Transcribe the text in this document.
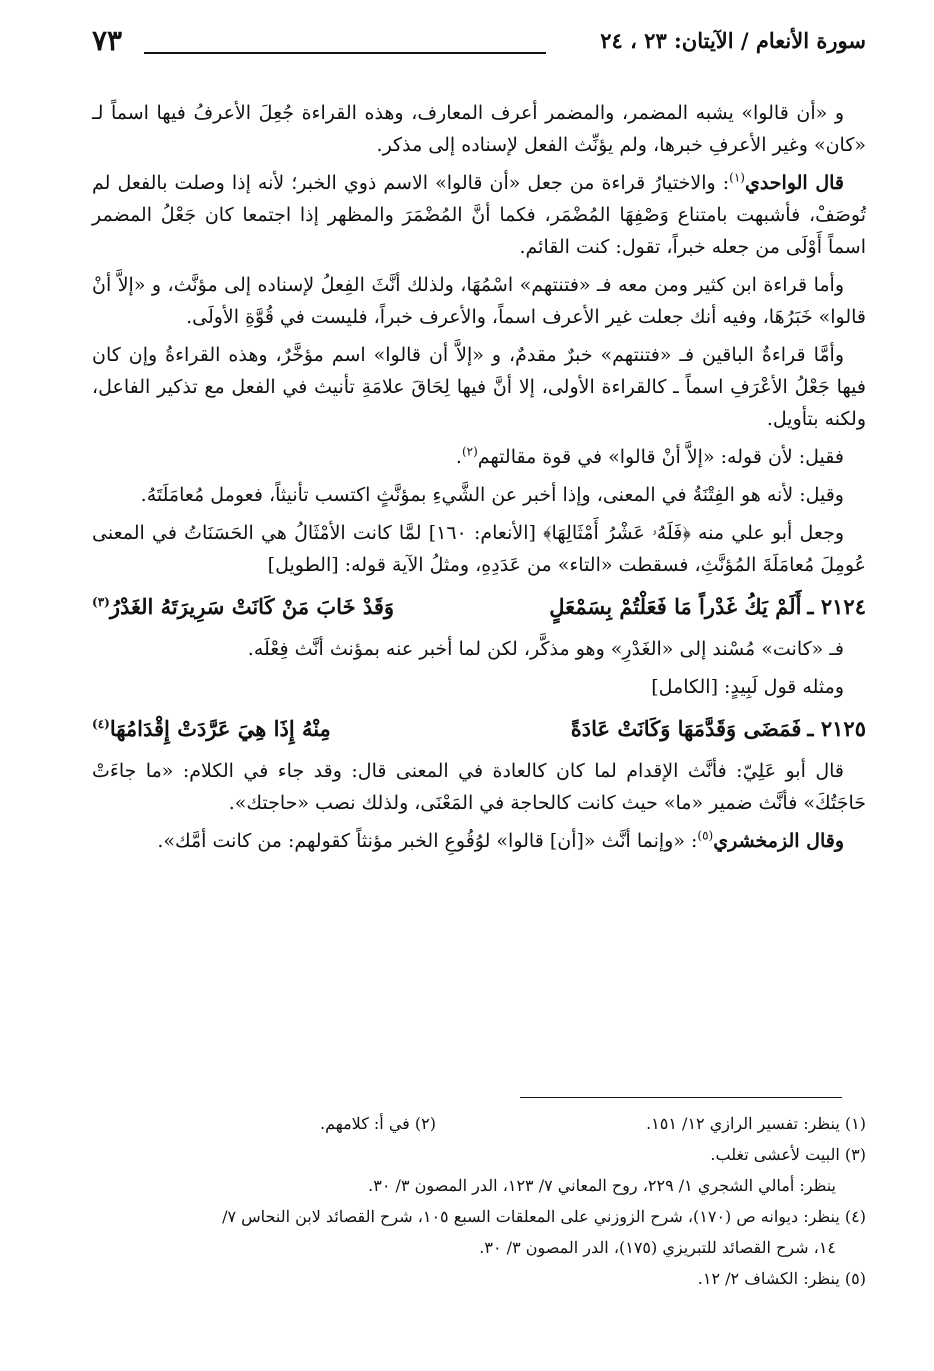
سورة الأنعام / الآيتان: ٢٣ ، ٢٤
٧٣

و «أن قالوا» يشبه المضمر، والمضمر أعرف المعارف، وهذه القراءة جُعِلَ الأعرفُ فيها اسماً لـ «كان» وغير الأعرفِ خبرها، ولم يؤنِّث الفعل لإسناده إلى مذكر.

قال الواحدي$^{(١)}$: والاختيارُ قراءة من جعل «أن قالوا» الاسم ذوي الخبر؛ لأنه إذا وصلت بالفعل لم تُوصَفْ، فأشبهت بامتناع وَصْفِهَا المُضْمَر، فكما أنَّ المُضْمَرَ والمظهر إذا اجتمعا كان جَعْلُ المضمر اسماً أَوْلَى من جعله خبراً، تقول: كنت القائم.

وأما قراءة ابن كثير ومن معه فـ «فتنتهم» اسْمُهَا، ولذلك أنَّثَ الفِعلُ لإسناده إلى مؤنَّث، و «إلاَّ أنْ قالوا» خَبَرُهَا، وفيه أنك جعلت غير الأعرف اسماً، والأعرف خبراً، فليست في قُوَّةِ الأولَى.

وأمَّا قراءةُ الباقين فـ «فتنتهم» خبرٌ مقدمٌ، و «إلاَّ أن قالوا» اسم مؤخَّرٌ، وهذه القراءةُ وإن كان فيها جَعْلُ الأعْرَفِ اسماً ـ كالقراءة الأولى، إلا أنَّ فيها لِحَاقَ علامَةِ تأنيث في الفعل مع تذكير الفاعل، ولكنه بتأويل.

فقيل: لأن قوله: «إلاَّ أنْ قالوا» في قوة مقالتهم$^{(٢)}$.

وقيل: لأنه هو الفِتْنَةُ في المعنى، وإذا أخبر عن الشَّيءِ بمؤنَّثٍ اكتسب تأنيثاً، فعومل مُعامَلَتَهُ.

وجعل أبو علي منه ﴿فَلَهُۥ عَشْرُ أَمْثَالِهَا﴾ [الأنعام: ١٦٠] لمَّا كانت الأمْثَالُ هي الحَسَنَاتُ في المعنى عُومِلَ مُعامَلَةَ المُؤنَّثِ، فسقطت «التاء» من عَدَدِهِ، ومثلُ الآية قوله: [الطويل]

٢١٢٤ ـ
أَلَمْ يَكُ غَدْراً مَا فَعَلْتُمْ بِسَمْعَلٍ
وَقَدْ خَابَ مَنْ كَانَتْ سَرِيرَتَهُ الغَدْرُ$^{(٣)}$

فـ «كانت» مُسْند إلى «الغَدْرِ» وهو مذكَّر، لكن لما أخبر عنه بمؤنث أنَّث فِعْلَه.

ومثله قول لَبِيدٍ: [الكامل]

٢١٢٥ ـ
فَمَضَى وَقَدَّمَهَا وَكَانَتْ عَادَةً
مِنْهُ إِذَا هِيَ عَرَّدَتْ إِقْدَامُهَا$^{(٤)}$

قال أبو عَلِيّ: فأنَّث الإقدام لما كان كالعادة في المعنى قال: وقد جاء في الكلام: «ما جاءَتْ حَاجَتُكَ» فأنَّث ضمير «ما» حيث كانت كالحاجة في المَعْنَى، ولذلك نصب «حاجتك».

وقال الزمخشري$^{(٥)}$: «وإنما أنَّث «[أن] قالوا» لوُقُوعِ الخبر مؤنثاً كقولهم: من كانت أمَّك».

(١) ينظر: تفسير الرازي ١٢/ ١٥١.
(٢) في أ: كلامهم.
(٣) البيت لأعشى تغلب.
ينظر: أمالي الشجري ١/ ٢٢٩، روح المعاني ٧/ ١٢٣، الدر المصون ٣/ ٣٠.
(٤) ينظر: ديوانه ص (١٧٠)، شرح الزوزني على المعلقات السبع ١٠٥، شرح القصائد لابن النحاس ٧/
١٤، شرح القصائد للتبريزي (١٧٥)، الدر المصون ٣/ ٣٠.
(٥) ينظر: الكشاف ٢/ ١٢.
